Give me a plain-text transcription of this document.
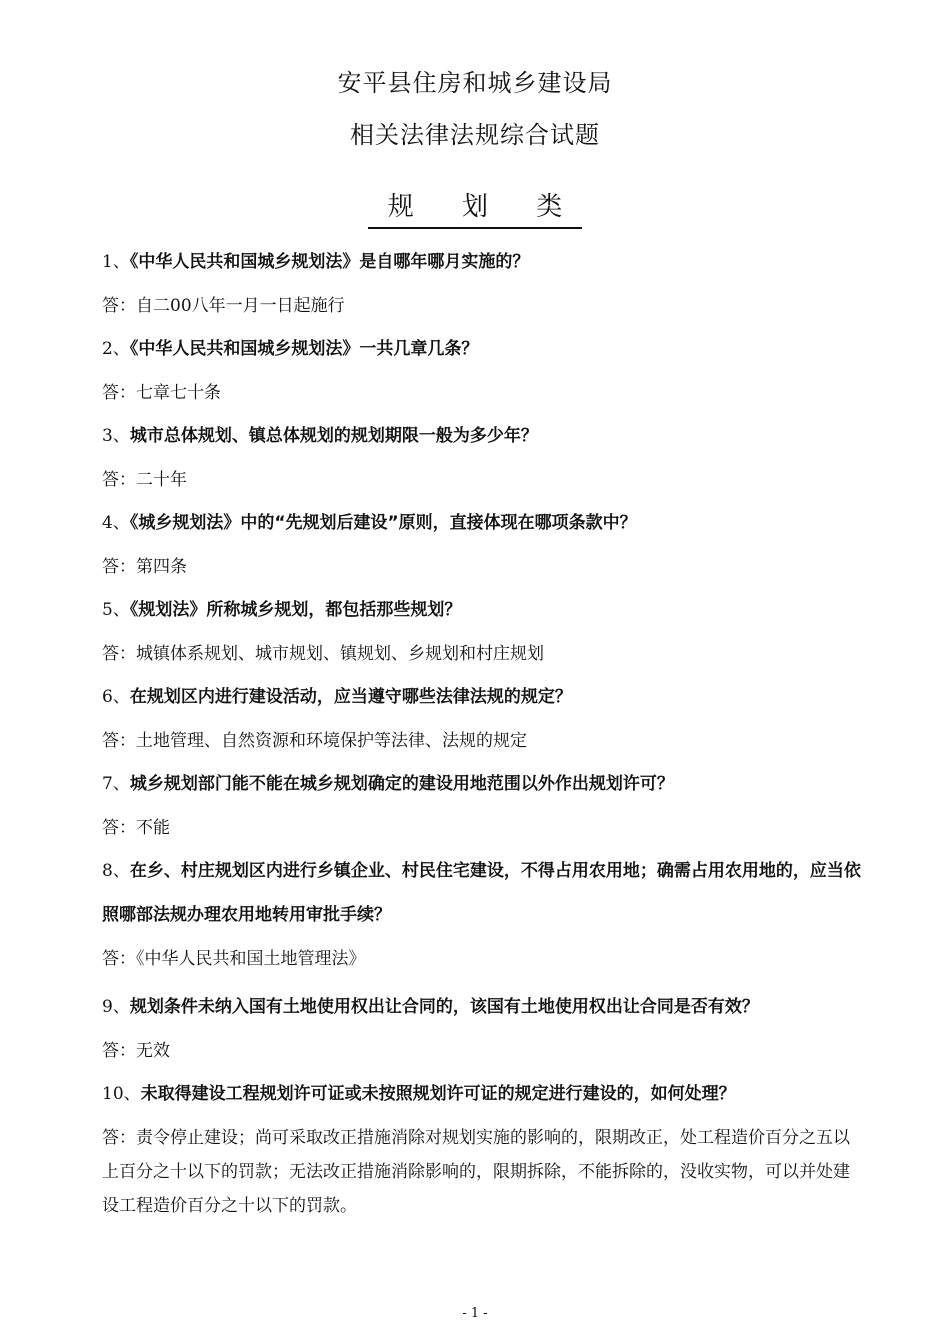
安平县住房和城乡建设局
相关法律法规综合试题
规 划 类

1、《中华人民共和国城乡规划法》是自哪年哪月实施的？

答：自二00八年一月一日起施行

2、《中华人民共和国城乡规划法》一共几章几条？

答：七章七十条

3、城市总体规划、镇总体规划的规划期限一般为多少年？

答：二十年

4、《城乡规划法》中的“先规划后建设”原则，直接体现在哪项条款中？

答：第四条

5、《规划法》所称城乡规划，都包括那些规划？

答：城镇体系规划、城市规划、镇规划、乡规划和村庄规划

6、在规划区内进行建设活动，应当遵守哪些法律法规的规定？

答：土地管理、自然资源和环境保护等法律、法规的规定

7、城乡规划部门能不能在城乡规划确定的建设用地范围以外作出规划许可？

答：不能

8、在乡、村庄规划区内进行乡镇企业、村民住宅建设，不得占用农用地；确需占用农用地的，应当依照哪部法规办理农用地转用审批手续？

答：《中华人民共和国土地管理法》

9、规划条件未纳入国有土地使用权出让合同的，该国有土地使用权出让合同是否有效？

答：无效

10、未取得建设工程规划许可证或未按照规划许可证的规定进行建设的，如何处理？

答：责令停止建设；尚可采取改正措施消除对规划实施的影响的，限期改正，处工程造价百分之五以上百分之十以下的罚款；无法改正措施消除影响的，限期拆除，不能拆除的，没收实物，可以并处建设工程造价百分之十以下的罚款。

- 1 -
